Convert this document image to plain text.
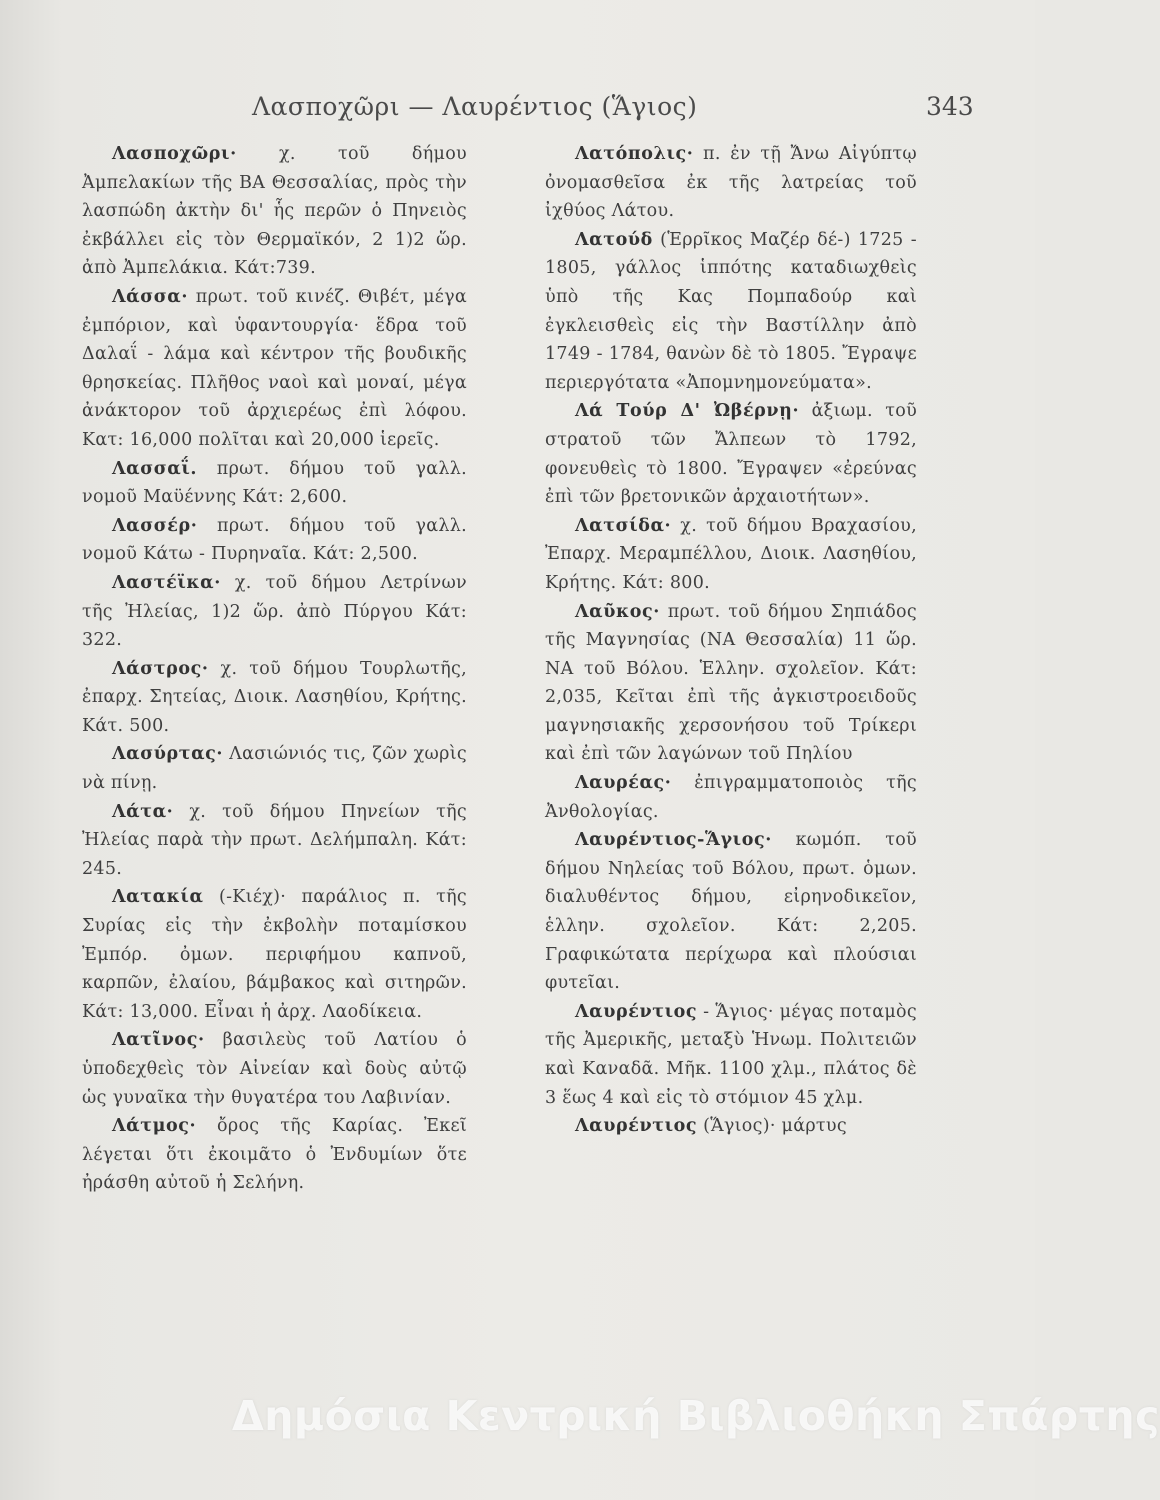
Λασποχῶρι — Λαυρέντιος (Ἅγιος)	343

Λασποχῶρι· χ. τοῦ δήμου Ἀμπελακίων τῆς ΒΑ Θεσσαλίας, πρὸς τὴν λασπώδη ἀκτὴν δι' ἧς περῶν ὁ Πηνειὸς ἐκβάλλει εἰς τὸν Θερμαϊκόν, 2 1)2 ὥρ. ἀπὸ Ἀμπελάκια. Κάτ:739.

Λάσσα· πρωτ. τοῦ κινέζ. Θιβέτ, μέγα ἐμπόριον, καὶ ὑφαντουργία· ἕδρα τοῦ Δαλαΐ - λάμα καὶ κέντρον τῆς βουδικῆς θρησκείας. Πλῆθος ναοὶ καὶ μοναί, μέγα ἀνάκτορον τοῦ ἀρχιερέως ἐπὶ λόφου. Κατ: 16,000 πολῖται καὶ 20,000 ἱερεῖς.

Λασσαΐ. πρωτ. δήμου τοῦ γαλλ. νομοῦ Μαϋέννης Κάτ: 2,600.

Λασσέρ· πρωτ. δήμου τοῦ γαλλ. νομοῦ Κάτω - Πυρηναῖα. Κάτ: 2,500.

Λαστέϊκα· χ. τοῦ δήμου Λετρίνων τῆς Ἠλείας, 1)2 ὥρ. ἀπὸ Πύργου Κάτ: 322.

Λάστρος· χ. τοῦ δήμου Τουρλωτῆς, ἐπαρχ. Σητείας, Διοικ. Λασηθίου, Κρήτης. Κάτ. 500.

Λασύρτας· Λασιώνιός τις, ζῶν χωρὶς νὰ πίνῃ.

Λάτα· χ. τοῦ δήμου Πηνείων τῆς Ἠλείας παρὰ τὴν πρωτ. Δελήμπαλη. Κάτ: 245.

Λατακία (-Κιέχ)· παράλιος π. τῆς Συρίας εἰς τὴν ἐκβολὴν ποταμίσκου Ἐμπόρ. ὀμων. περιφήμου καπνοῦ, καρπῶν, ἐλαίου, βάμβακος καὶ σιτηρῶν. Κάτ: 13,000. Εἶναι ἡ ἀρχ. Λαοδίκεια.

Λατῖνος· βασιλεὺς τοῦ Λατίου ὁ ὑποδεχθεὶς τὸν Αἰνείαν καὶ δοὺς αὐτῷ ὡς γυναῖκα τὴν θυγατέρα του Λαβινίαν.

Λάτμος· ὄρος τῆς Καρίας. Ἐκεῖ λέγεται ὅτι ἐκοιμᾶτο ὁ Ἐνδυμίων ὅτε ἠράσθη αὐτοῦ ἡ Σελήνη.

Λατόπολις· π. ἐν τῇ Ἄνω Αἰγύπτῳ ὀνομασθεῖσα ἐκ τῆς λατρείας τοῦ ἰχθύος Λάτου.

Λατούδ (Ἑρρῖκος Μαζέρ δέ-) 1725 - 1805, γάλλος ἱππότης καταδιωχθεὶς ὑπὸ τῆς Κας Πομπαδούρ καὶ ἐγκλεισθεὶς εἰς τὴν Βαστίλλην ἀπὸ 1749 - 1784, θανὼν δὲ τὸ 1805. Ἔγραψε περιεργότατα «Ἀπομνημονεύματα».

Λά Τούρ Δ' Ὠβέρνῃ· ἀξιωμ. τοῦ στρατοῦ τῶν Ἄλπεων τὸ 1792, φονευθεὶς τὸ 1800. Ἔγραψεν «ἐρεύνας ἐπὶ τῶν βρετονικῶν ἀρχαιοτήτων».

Λατσίδα· χ. τοῦ δήμου Βραχασίου, Ἐπαρχ. Μεραμπέλλου, Διοικ. Λασηθίου, Κρήτης. Κάτ: 800.

Λαῦκος· πρωτ. τοῦ δήμου Σηπιάδος τῆς Μαγνησίας (ΝΑ Θεσσαλία) 11 ὥρ. ΝΑ τοῦ Βόλου. Ἑλλην. σχολεῖον. Κάτ: 2,035, Κεῖται ἐπὶ τῆς ἀγκιστροειδοῦς μαγνησιακῆς χερσονήσου τοῦ Τρίκερι καὶ ἐπὶ τῶν λαγώνων τοῦ Πηλίου

Λαυρέας· ἐπιγραμματοποιὸς τῆς Ἀνθολογίας.

Λαυρέντιος-Ἅγιος· κωμόπ. τοῦ δήμου Νηλείας τοῦ Βόλου, πρωτ. ὁμων. διαλυθέντος δήμου, εἰρηνοδικεῖον, ἑλλην. σχολεῖον. Κάτ: 2,205. Γραφικώτατα περίχωρα καὶ πλούσιαι φυτεῖαι.

Λαυρέντιος - Ἅγιος· μέγας ποταμὸς τῆς Ἀμερικῆς, μεταξὺ Ἡνωμ. Πολιτειῶν καὶ Καναδᾶ. Μῆκ. 1100 χλμ., πλάτος δὲ 3 ἕως 4 καὶ εἰς τὸ στόμιον 45 χλμ.

Λαυρέντιος (Ἅγιος)· μάρτυς

Δημόσια Κεντρική Βιβλιοθήκη Σπάρτης
